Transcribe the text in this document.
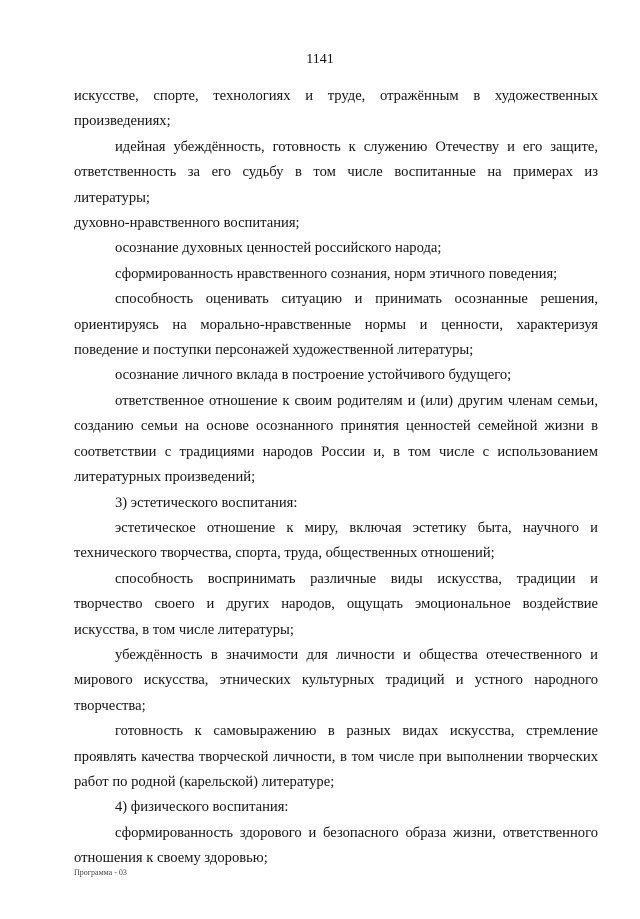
1141

искусстве, спорте, технологиях и труде, отражённым в художественных произведениях;

идейная убеждённость, готовность к служению Отечеству и его защите, ответственность за его судьбу в том числе воспитанные на примерах из литературы;

духовно-нравственного воспитания;

осознание духовных ценностей российского народа;

сформированность нравственного сознания, норм этичного поведения;

способность оценивать ситуацию и принимать осознанные решения, ориентируясь на морально-нравственные нормы и ценности, характеризуя поведение и поступки персонажей художественной литературы;

осознание личного вклада в построение устойчивого будущего;

ответственное отношение к своим родителям и (или) другим членам семьи, созданию семьи на основе осознанного принятия ценностей семейной жизни в соответствии с традициями народов России и, в том числе с использованием литературных произведений;

3) эстетического воспитания:

эстетическое отношение к миру, включая эстетику быта, научного и технического творчества, спорта, труда, общественных отношений;

способность воспринимать различные виды искусства, традиции и творчество своего и других народов, ощущать эмоциональное воздействие искусства, в том числе литературы;

убеждённость в значимости для личности и общества отечественного и мирового искусства, этнических культурных традиций и устного народного творчества;

готовность к самовыражению в разных видах искусства, стремление проявлять качества творческой личности, в том числе при выполнении творческих работ по родной (карельской) литературе;

4) физического воспитания:

сформированность здорового и безопасного образа жизни, ответственного отношения к своему здоровью;

Программа - 03
